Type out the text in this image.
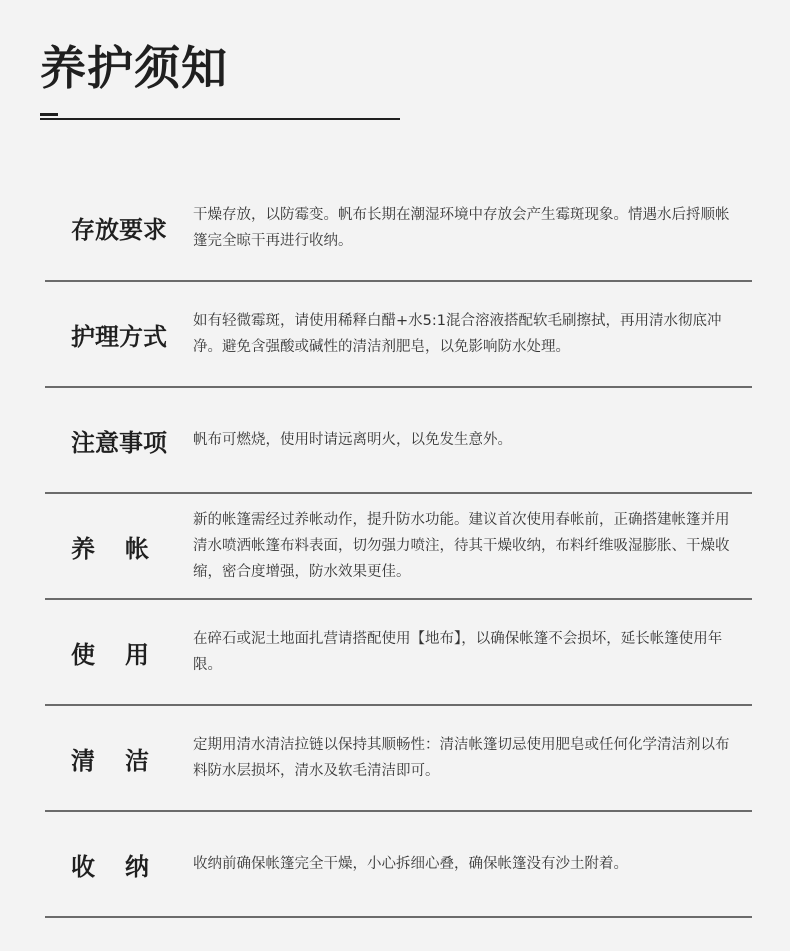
养护须知
存放要求
干燥存放，以防霉变。帆布长期在潮湿环境中存放会产生霉斑现象。情遇水后捋顺帐篷完全晾干再进行收纳。
护理方式
如有轻微霉斑，请使用稀释白醋+水5:1混合溶液搭配软毛刷擦拭，再用清水彻底冲净。避免含强酸或碱性的清洁剂肥皂，以免影响防水处理。
注意事项	帆布可燃烧，使用时请远离明火，以免发生意外。
养帐
新的帐篷需经过养帐动作，提升防水功能。建议首次使用春帐前，正确搭建帐篷并用清水喷洒帐篷布料表面，切勿强力喷注，待其干燥收纳，布料纤维吸湿膨胀、干燥收缩，密合度增强，防水效果更佳。
使用
在碎石或泥土地面扎营请搭配使用【地布】，以确保帐篷不会损坏，延长帐篷使用年限。
清洁
定期用清水清洁拉链以保持其顺畅性：清洁帐篷切忌使用肥皂或任何化学清洁剂以布料防水层损坏，清水及软毛清洁即可。
收纳 收纳前确保帐篷完全干燥，小心拆细心叠，确保帐篷没有沙土附着。
